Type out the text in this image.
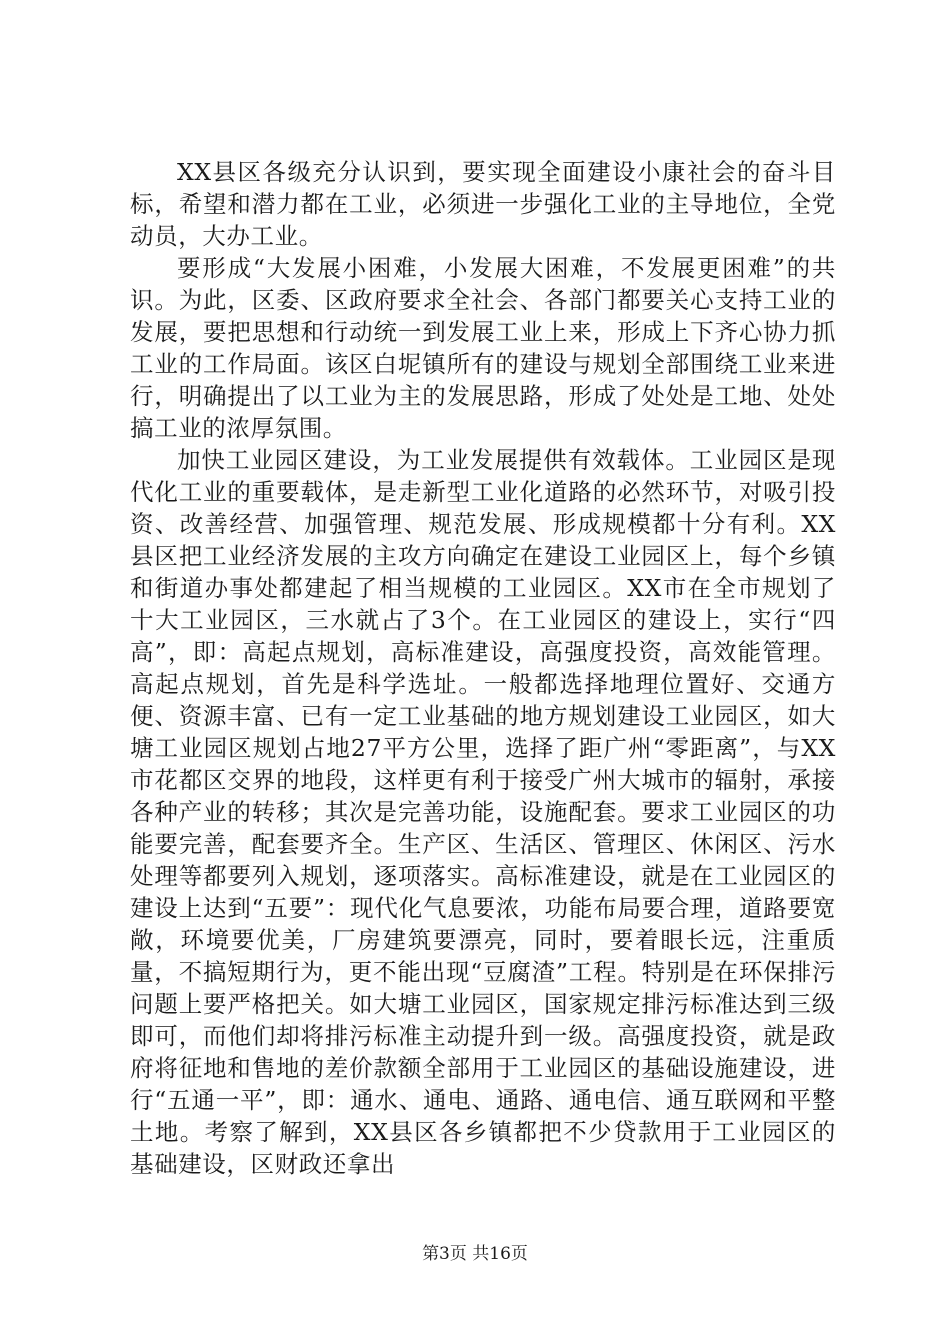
XX县区各级充分认识到，要实现全面建设小康社会的奋斗目标，希望和潜力都在工业，必须进一步强化工业的主导地位，全党动员，大办工业。

要形成“大发展小困难，小发展大困难，不发展更困难”的共识。为此，区委、区政府要求全社会、各部门都要关心支持工业的发展，要把思想和行动统一到发展工业上来，形成上下齐心协力抓工业的工作局面。该区白坭镇所有的建设与规划全部围绕工业来进行，明确提出了以工业为主的发展思路，形成了处处是工地、处处搞工业的浓厚氛围。

加快工业园区建设，为工业发展提供有效载体。工业园区是现代化工业的重要载体，是走新型工业化道路的必然环节，对吸引投资、改善经营、加强管理、规范发展、形成规模都十分有利。XX县区把工业经济发展的主攻方向确定在建设工业园区上，每个乡镇和街道办事处都建起了相当规模的工业园区。XX市在全市规划了十大工业园区，三水就占了3个。在工业园区的建设上，实行“四高”，即：高起点规划，高标准建设，高强度投资，高效能管理。高起点规划，首先是科学选址。一般都选择地理位置好、交通方便、资源丰富、已有一定工业基础的地方规划建设工业园区，如大塘工业园区规划占地27平方公里，选择了距广州“零距离”，与XX市花都区交界的地段，这样更有利于接受广州大城市的辐射，承接各种产业的转移；其次是完善功能，设施配套。要求工业园区的功能要完善，配套要齐全。生产区、生活区、管理区、休闲区、污水处理等都要列入规划，逐项落实。高标准建设，就是在工业园区的建设上达到“五要”：现代化气息要浓，功能布局要合理，道路要宽敞，环境要优美，厂房建筑要漂亮，同时，要着眼长远，注重质量，不搞短期行为，更不能出现“豆腐渣”工程。特别是在环保排污问题上要严格把关。如大塘工业园区，国家规定排污标准达到三级即可，而他们却将排污标准主动提升到一级。高强度投资，就是政府将征地和售地的差价款额全部用于工业园区的基础设施建设，进行“五通一平”，即：通水、通电、通路、通电信、通互联网和平整土地。考察了解到，XX县区各乡镇都把不少贷款用于工业园区的基础建设，区财政还拿出

第3页 共16页
